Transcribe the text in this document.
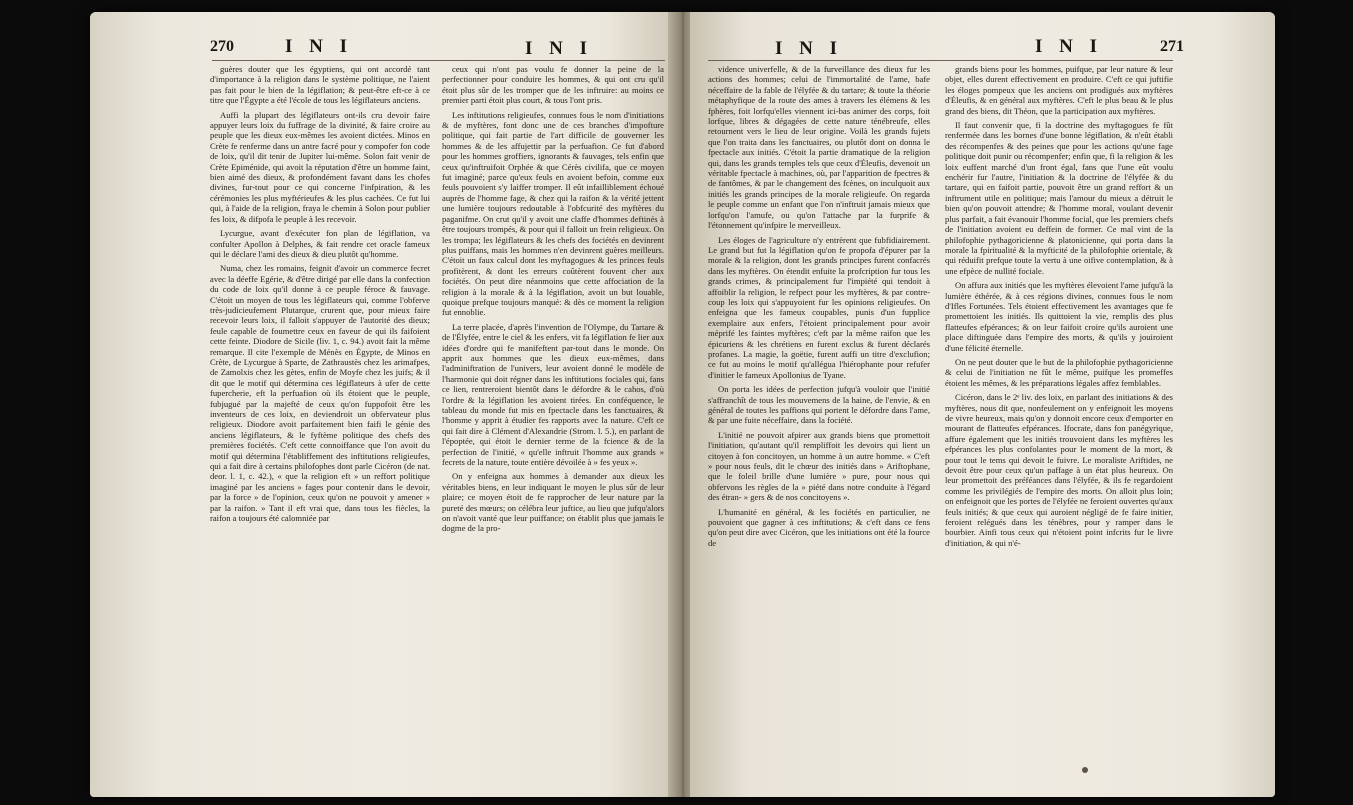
270	I N I	I N I

guères douter que les égyptiens, qui ont accordé tant d'importance à la religion dans le système politique, ne l'aient pas fait pour le bien de la légiflation; & peut-être eft-ce à ce titre que l'Égypte a été l'école de tous les légiflateurs anciens.

Auffi la plupart des légiflateurs ont-ils cru devoir faire appuyer leurs loix du fuffrage de la divinité, & faire croire au peuple que les dieux eux-mêmes les avoient dictées. Minos en Crète fe renferme dans un antre facré pour y compofer fon code de loix, qu'il dit tenir de Jupiter lui-même. Solon fait venir de Crète Epiménide, qui avoit la réputation d'être un homme faint, bien aimé des dieux, & profondément favant dans les chofes divines, fur-tout pour ce qui concerne l'infpiration, & les cérémonies les plus myftérieufes & les plus cachées. Ce fut lui qui, à l'aide de la religion, fraya le chemin à Solon pour publier fes loix, & difpofa le peuple à les recevoir.

Lycurgue, avant d'exécuter fon plan de légiflation, va confulter Apollon à Delphes, & fait rendre cet oracle fameux qui le déclare l'ami des dieux & dieu plutôt qu'homme.

Numa, chez les romains, feignit d'avoir un commerce fecret avec la déeffe Egérie, & d'être dirigé par elle dans la confection du code de loix qu'il donne à ce peuple féroce & fauvage. C'étoit un moyen de tous les légiflateurs qui, comme l'obferve très-judicieufement Plutarque, crurent que, pour mieux faire recevoir leurs loix, il falloit s'appuyer de l'autorité des dieux; feule capable de foumettre ceux en faveur de qui ils faifoient cette feinte. Diodore de Sicile (liv. 1, c. 94.) avoit fait la même remarque. Il cite l'exemple de Ménès en Égypte, de Minos en Crète, de Lycurgue à Sparte, de Zathraustès chez les arimafpes, de Zamolxis chez les gètes, enfin de Moyfe chez les juifs; & il dit que le motif qui détermina ces légiflateurs à ufer de cette fupercherie, eft la perfuafion où ils étoient que le peuple, fubjugué par la majefté de ceux qu'on fuppofoit être les inventeurs de ces loix, en deviendroit un obfervateur plus religieux. Diodore avoit parfaitement bien faifi le génie des anciens légiflateurs, & le fyftème politique des chefs des premières fociétés. C'eft cette connoiffance que l'on avoit du motif qui détermina l'établiffement des inftitutions religieufes, qui a fait dire à certains philofophes dont parle Cicéron (de nat. deor. l. 1, c. 42.), « que la religion eft » un reffort politique imaginé par les anciens » fages pour contenir dans le devoir, par la force » de l'opinion, ceux qu'on ne pouvoit y amener » par la raifon. » Tant il eft vrai que, dans tous les fiècles, la raifon a toujours été calomniée par

ceux qui n'ont pas voulu fe donner la peine de la perfectionner pour conduire les hommes, & qui ont cru qu'il étoit plus sûr de les tromper que de les inftruire: au moins ce premier parti étoit plus court, & tous l'ont pris.

Les inftitutions religieufes, connues fous le nom d'initiations & de myftères, font donc une de ces branches d'impofture politique, qui fait partie de l'art difficile de gouverner les hommes & de les affujettir par la perfuafion. Ce fut d'abord pour les hommes groffiers, ignorants & fauvages, tels enfin que ceux qu'inftruifoit Orphée & que Cérès civilifa, que ce moyen fut imaginé; parce qu'eux feuls en avoient befoin, comme eux feuls pouvoient s'y laiffer tromper. Il eût infailliblement échoué auprès de l'homme fage, & chez qui la raifon & la vérité jettent une lumière toujours redoutable à l'obfcurité des myftères du paganifme. On crut qu'il y avoit une claffe d'hommes deftinés à être toujours trompés, & pour qui il falloit un frein religieux. On les trompa; les légiflateurs & les chefs des fociétés en devinrent plus puiffans, mais les hommes n'en devinrent guères meilleurs. C'étoit un faux calcul dont les myftagogues & les princes feuls profitèrent, & dont les erreurs coûtèrent fouvent cher aux fociétés. On peut dire néanmoins que cette affociation de la religion à la morale & à la légiflation, avoit un but louable, quoique prefque toujours manqué: & dès ce moment la religion fut ennoblie.

La terre placée, d'après l'invention de l'Olympe, du Tartare & de l'Élyfée, entre le ciel & les enfers, vit fa légiflation fe lier aux idées d'ordre qui fe manifeftent par-tout dans le monde. On apprit aux hommes que les dieux eux-mêmes, dans l'adminiftration de l'univers, leur avoient donné le modèle de l'harmonie qui doit régner dans les inftitutions fociales qui, fans ce lien, rentreroient bientôt dans le défordre & le cahos, d'où l'ordre & la légiflation les avoient tirées. En conféquence, le tableau du monde fut mis en fpectacle dans les fanctuaires, & l'homme y apprit à étudier fes rapports avec la nature. C'eft ce qui fait dire à Clément d'Alexandrie (Strom. l. 5.), en parlant de l'époptée, qui étoit le dernier terme de la fcience & de la perfection de l'initié, « qu'elle inftruit l'homme aux grands » fecrets de la nature, toute entière dévoilée à » fes yeux ».

On y enfeigna aux hommes à demander aux dieux les véritables biens, en leur indiquant le moyen le plus sûr de leur plaire; ce moyen étoit de fe rapprocher de leur nature par la pureté des mœurs; on célébra leur juftice, au lieu que jufqu'alors on n'avoit vanté que leur puiffance; on établit plus que jamais le dogme de la pro-

I N I	I N I	271

vidence univerfelle, & de la furveillance des dieux fur les actions des hommes; celui de l'immortalité de l'ame, bafe néceffaire de la fable de l'élyfée & du tartare; & toute la théorie métaphyfique de la route des ames à travers les élémens & les fphères, foit lorfqu'elles viennent ici-bas animer des corps, foit lorfque, libres & dégagées de cette nature ténébreufe, elles retournent vers le lieu de leur origine. Voilà les grands fujets que l'on traita dans les fanctuaires, ou plutôt dont on donna le fpectacle aux initiés. C'étoit la partie dramatique de la religion qui, dans les grands temples tels que ceux d'Éleufis, devenoit un véritable fpectacle à machines, où, par l'apparition de fpectres & de fantômes, & par le changement des fcènes, on inculquoit aux initiés les grands principes de la morale religieufe. On regarda le peuple comme un enfant que l'on n'inftruit jamais mieux que lorfqu'on l'amufe, ou qu'on l'attache par la furprife & l'étonnement qu'infpire le merveilleux.

Les éloges de l'agriculture n'y entrèrent que fubfidiairement. Le grand but fut la légiflation qu'on fe propofa d'épurer par la morale & la religion, dont les grands principes furent confacrés dans les myftères. On étendit enfuite la profcription fur tous les grands crimes, & principalement fur l'impiété qui tendoit à affoiblir la religion, le refpect pour les myftères, & par contre-coup les loix qui s'appuyoient fur les opinions religieufes. On enfeigna que les fameux coupables, punis d'un fupplice exemplaire aux enfers, l'étoient principalement pour avoir méprifé les faintes myftères; c'eft par la même raifon que les épicuriens & les chrétiens en furent exclus & furent déclarés profanes. La magie, la goëtie, furent auffi un titre d'exclufion; ce fut au moins le motif qu'allégua l'hiérophante pour refufer d'initier le fameux Apollonius de Tyane.

On porta les idées de perfection jufqu'à vouloir que l'initié s'affranchît de tous les mouvemens de la haine, de l'envie, & en général de toutes les paffions qui portent le défordre dans l'ame, & par une fuite néceffaire, dans la fociété.

L'initié ne pouvoit afpirer aux grands biens que promettoit l'initiation, qu'autant qu'il rempliffoit les devoirs qui lient un citoyen à fon concitoyen, un homme à un autre homme. « C'eft » pour nous feuls, dit le chœur des initiés dans » Ariftophane, que le foleil brille d'une lumière » pure, pour nous qui obfervons les règles de la » piété dans notre conduite à l'égard des étran- » gers & de nos concitoyens ».

L'humanité en général, & les fociétés en particulier, ne pouvoient que gagner à ces inftitutions; & c'eft dans ce fens qu'on peut dire avec Cicéron, que les initiations ont été la fource de

grands biens pour les hommes, puifque, par leur nature & leur objet, elles durent effectivement en produire. C'eft ce qui juftifie les éloges pompeux que les anciens ont prodigués aux myftères d'Éleufis, & en général aux myftères. C'eft le plus beau & le plus grand des biens, dit Théon, que la participation aux myftères.

Il faut convenir que, fi la doctrine des myftagogues fe fût renfermée dans les bornes d'une bonne légiflation, & n'eût établi des récompenfes & des peines que pour les actions qu'une fage politique doit punir ou récompenfer; enfin que, fi la religion & les loix euffent marché d'un front égal, fans que l'une eût voulu enchérir fur l'autre, l'initiation & la doctrine de l'élyfée & du tartare, qui en faifoit partie, pouvoit être un grand reffort & un inftrument utile en politique; mais l'amour du mieux a détruit le bien qu'on pouvoit attendre; & l'homme moral, voulant devenir plus parfait, a fait évanouir l'homme focial, que les premiers chefs de l'initiation avoient eu deffein de former. Ce mal vint de la philofophie pythagoricienne & platonicienne, qui porta dans la morale la fpiritualité & la myfticité de la philofophie orientale, & qui réduifit prefque toute la vertu à une oifive contemplation, & à une efpèce de nullité fociale.

On affura aux initiés que les myftères élevoient l'ame jufqu'à la lumière éthérée, & à ces régions divines, connues fous le nom d'Ifles Fortunées. Tels étoient effectivement les avantages que fe promettoient les initiés. Ils quittoient la vie, remplis des plus flatteufes efpérances; & on leur faifoit croire qu'ils auroient une place diftinguée dans l'empire des morts, & qu'ils y jouiroient d'une félicité éternelle.

On ne peut douter que le but de la philofophie pythagoricienne & celui de l'initiation ne fût le même, puifque les promeffes étoient les mêmes, & les préparations légales affez femblables.

Cicéron, dans le 2ᵉ liv. des loix, en parlant des initiations & des myftères, nous dit que, nonfeulement on y enfeignoit les moyens de vivre heureux, mais qu'on y donnoit encore ceux d'emporter en mourant de flatteufes efpérances. Ifocrate, dans fon panégyrique, affure également que les initiés trouvoient dans les myftères les efpérances les plus confolantes pour le moment de la mort, & pour tout le tems qui devoit le fuivre. Le moraliste Ariftides, ne devoit être pour ceux qu'un paffage à un état plus heureux. On leur promettoit des préféances dans l'élyfée, & ils fe regardoient comme les privilégiés de l'empire des morts. On alloit plus loin; on enfeignoit que les portes de l'élyfée ne feroient ouvertes qu'aux feuls initiés; & que ceux qui auroient négligé de fe faire initier, feroient relégués dans les ténèbres, pour y ramper dans le bourbier. Ainfi tous ceux qui n'étoient point infcrits fur le livre d'initiation, & qui n'é-
